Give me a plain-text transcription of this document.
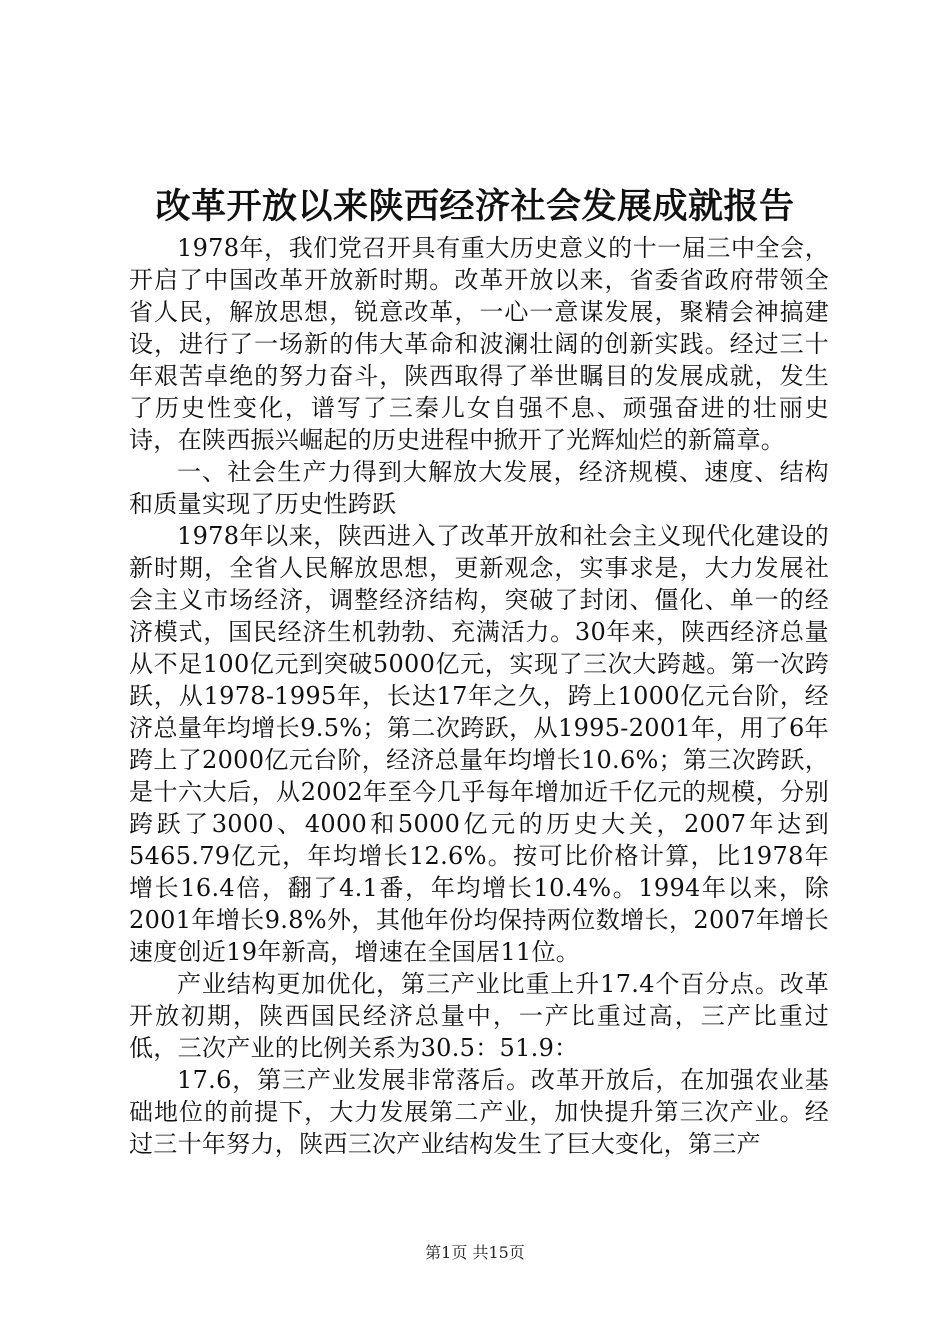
改革开放以来陕西经济社会发展成就报告

1978年，我们党召开具有重大历史意义的十一届三中全会，开启了中国改革开放新时期。改革开放以来，省委省政府带领全省人民，解放思想，锐意改革，一心一意谋发展，聚精会神搞建设，进行了一场新的伟大革命和波澜壮阔的创新实践。经过三十年艰苦卓绝的努力奋斗，陕西取得了举世瞩目的发展成就，发生了历史性变化，谱写了三秦儿女自强不息、顽强奋进的壮丽史诗，在陕西振兴崛起的历史进程中掀开了光辉灿烂的新篇章。

一、社会生产力得到大解放大发展，经济规模、速度、结构和质量实现了历史性跨跃

1978年以来，陕西进入了改革开放和社会主义现代化建设的新时期，全省人民解放思想，更新观念，实事求是，大力发展社会主义市场经济，调整经济结构，突破了封闭、僵化、单一的经济模式，国民经济生机勃勃、充满活力。30年来，陕西经济总量从不足100亿元到突破5000亿元，实现了三次大跨越。第一次跨跃，从1978-1995年，长达17年之久，跨上1000亿元台阶，经济总量年均增长9.5%；第二次跨跃，从1995-2001年，用了6年跨上了2000亿元台阶，经济总量年均增长10.6%；第三次跨跃，是十六大后，从2002年至今几乎每年增加近千亿元的规模，分别跨跃了3000、4000和5000亿元的历史大关，2007年达到5465.79亿元，年均增长12.6%。按可比价格计算，比1978年增长16.4倍，翻了4.1番，年均增长10.4%。1994年以来，除2001年增长9.8%外，其他年份均保持两位数增长，2007年增长速度创近19年新高，增速在全国居11位。

产业结构更加优化，第三产业比重上升17.4个百分点。改革开放初期，陕西国民经济总量中，一产比重过高，三产比重过低，三次产业的比例关系为30.5：51.9：

17.6，第三产业发展非常落后。改革开放后，在加强农业基础地位的前提下，大力发展第二产业，加快提升第三次产业。经过三十年努力，陕西三次产业结构发生了巨大变化，第三产

第1页 共15页
